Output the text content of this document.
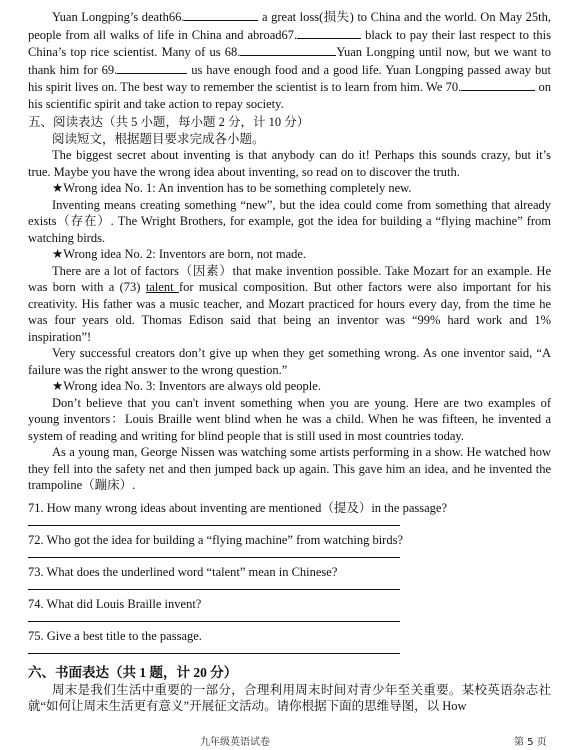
Yuan Longping’s death66.	a great loss(损失) to China and the world. On May 25th, people from all walks of life in China and abroad67.	black to pay their last respect to this China’s top rice scientist. Many of us 68.	Yuan Longping until now, but we want to thank him for 69.	us have enough food and a good life. Yuan Longping passed away but his spirit lives on. The best way to remember the scientist is to learn from him. We 70.	on his scientific spirit and take action to repay society.

五、阅读表达（共 5 小题，每小题 2 分，计 10 分）

阅读短文，根据题目要求完成各小题。

The biggest secret about inventing is that anybody can do it! Perhaps this sounds crazy, but it’s true. Maybe you have the wrong idea about inventing, so read on to discover the truth.

★Wrong idea No. 1: An invention has to be something completely new.

Inventing means creating something “new”, but the idea could come from something that already exists（存在）. The Wright Brothers, for example, got the idea for building a “flying machine” from watching birds.

★Wrong idea No. 2: Inventors are born, not made.

There are a lot of factors（因素）that make invention possible. Take Mozart for an example. He was born with a (73) talent for musical composition. But other factors were also important for his creativity. His father was a music teacher, and Mozart practiced for hours every day, from the time he was four years old. Thomas Edison said that being an inventor was “99% hard work and 1% inspiration”!

Very successful creators don’t give up when they get something wrong. As one inventor said, “A failure was the right answer to the wrong question.”

★Wrong idea No. 3: Inventors are always old people.

Don’t believe that you can't invent something when you are young. Here are two examples of young inventors：Louis Braille went blind when he was a child. When he was fifteen, he invented a system of reading and writing for blind people that is still used in most countries today.

As a young man, George Nissen was watching some artists performing in a show. He watched how they fell into the safety net and then jumped back up again. This gave him an idea, and he invented the trampoline（蹦床）.

71. How many wrong ideas about inventing are mentioned（提及）in the passage?
72. Who got the idea for building a “flying machine” from watching birds?
73. What does the underlined word “talent” mean in Chinese?
74. What did Louis Braille invent?
75. Give a best title to the passage.
六、书面表达（共 1 题，计 20 分）

周末是我们生活中重要的一部分，合理利用周末时间对青少年至关重要。某校英语杂志社就“如何让周末生活更有意义”开展征文活动。请你根据下面的思维导图，以 How

九年级英语试卷	第 5 页
